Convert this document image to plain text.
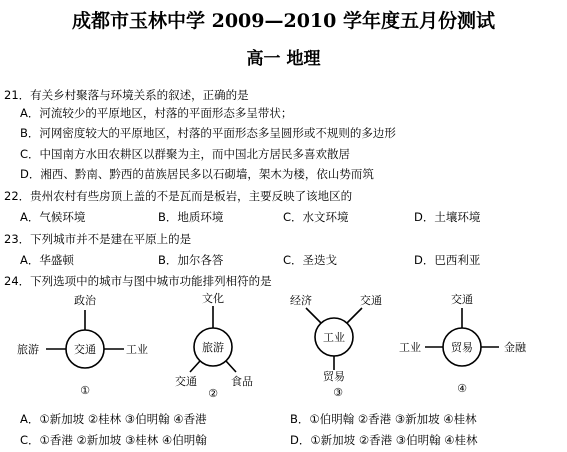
成都市玉林中学 2009—2010 学年度五月份测试
高一 地理
21．有关乡村聚落与环境关系的叙述，正确的是
A．河流较少的平原地区，村落的平面形态多呈带状；
B．河网密度较大的平原地区，村落的平面形态多呈圆形或不规则的多边形
C．中国南方水田农耕区以群聚为主，而中国北方居民多喜欢散居
D．湘西、黔南、黔西的苗族居民多以石砌墙，架木为楼，依山势而筑
22．贵州农村有些房顶上盖的不是瓦而是板岩，主要反映了该地区的
A．气候环境	B．地质环境	C．水文环境	D．土壤环境
23．下列城市并不是建在平原上的是
A．华盛顿	B．加尔各答	C．圣迭戈	D．巴西利亚
24．下列选项中的城市与图中城市功能排列相符的是
交通
政治
旅游	工业
①
旅游
文化
交通	食品
②
工业
经济	交通
贸易
③
贸易
交通
工业	金融
④
A．①新加坡 ②桂林 ③伯明翰 ④香港	B．①伯明翰 ②香港 ③新加坡 ④桂林
C．①香港 ②新加坡 ③桂林 ④伯明翰	D．①新加坡 ②香港 ③伯明翰 ④桂林
